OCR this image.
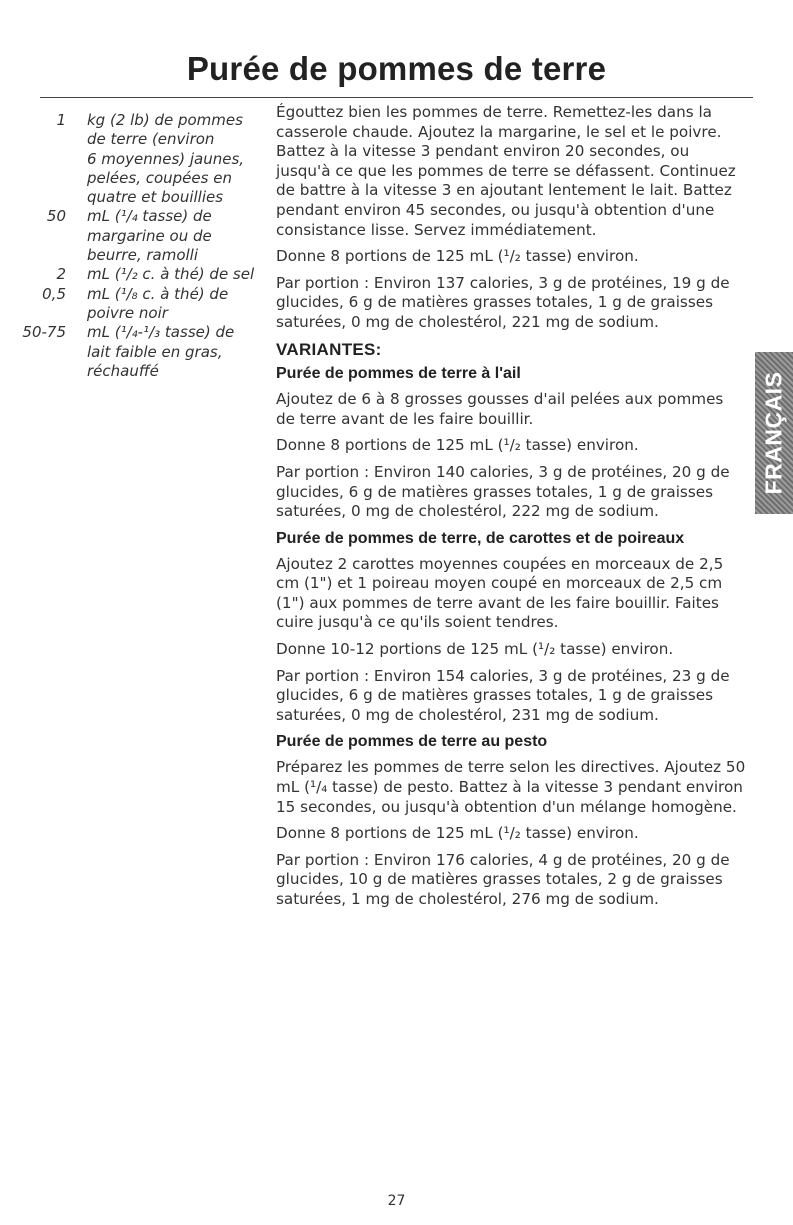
Purée de pommes de terre
1 kg (2 lb) de pommes
de terre (environ
6 moyennes) jaunes,
pelées, coupées en
quatre et bouillies
50 mL (¹/₄ tasse) de
margarine ou de
beurre, ramolli
2 mL (¹/₂ c. à thé) de sel
0,5 mL (¹/₈ c. à thé) de
poivre noir
50-75 mL (¹/₄-¹/₃ tasse) de
lait faible en gras,
réchauffé

Égouttez bien les pommes de terre. Remettez-les dans la casserole chaude. Ajoutez la margarine, le sel et le poivre. Battez à la vitesse 3 pendant environ 20 secondes, ou jusqu'à ce que les pommes de terre se défassent. Continuez de battre à la vitesse 3 en ajoutant lentement le lait. Battez pendant environ 45 secondes, ou jusqu'à obtention d'une consistance lisse. Servez immédiatement.

Donne 8 portions de 125 mL (¹/₂ tasse) environ.

Par portion : Environ 137 calories, 3 g de protéines, 19 g de glucides, 6 g de matières grasses totales, 1 g de graisses saturées, 0 mg de cholestérol, 221 mg de sodium.

VARIANTES:
Purée de pommes de terre à l'ail

Ajoutez de 6 à 8 grosses gousses d'ail pelées aux pommes de terre avant de les faire bouillir.

Donne 8 portions de 125 mL (¹/₂ tasse) environ.

Par portion : Environ 140 calories, 3 g de protéines, 20 g de glucides, 6 g de matières grasses totales, 1 g de graisses saturées, 0 mg de cholestérol, 222 mg de sodium.

Purée de pommes de terre, de carottes et de poireaux

Ajoutez 2 carottes moyennes coupées en morceaux de 2,5 cm (1") et 1 poireau moyen coupé en morceaux de 2,5 cm (1") aux pommes de terre avant de les faire bouillir. Faites cuire jusqu'à ce qu'ils soient tendres.

Donne 10-12 portions de 125 mL (¹/₂ tasse) environ.

Par portion : Environ 154 calories, 3 g de protéines, 23 g de glucides, 6 g de matières grasses totales, 1 g de graisses saturées, 0 mg de cholestérol, 231 mg de sodium.

Purée de pommes de terre au pesto

Préparez les pommes de terre selon les directives. Ajoutez 50 mL (¹/₄ tasse) de pesto. Battez à la vitesse 3 pendant environ 15 secondes, ou jusqu'à obtention d'un mélange homogène.

Donne 8 portions de 125 mL (¹/₂ tasse) environ.

Par portion : Environ 176 calories, 4 g de protéines, 20 g de glucides, 10 g de matières grasses totales, 2 g de graisses saturées, 1 mg de cholestérol, 276 mg de sodium.

FRANÇAIS
27
